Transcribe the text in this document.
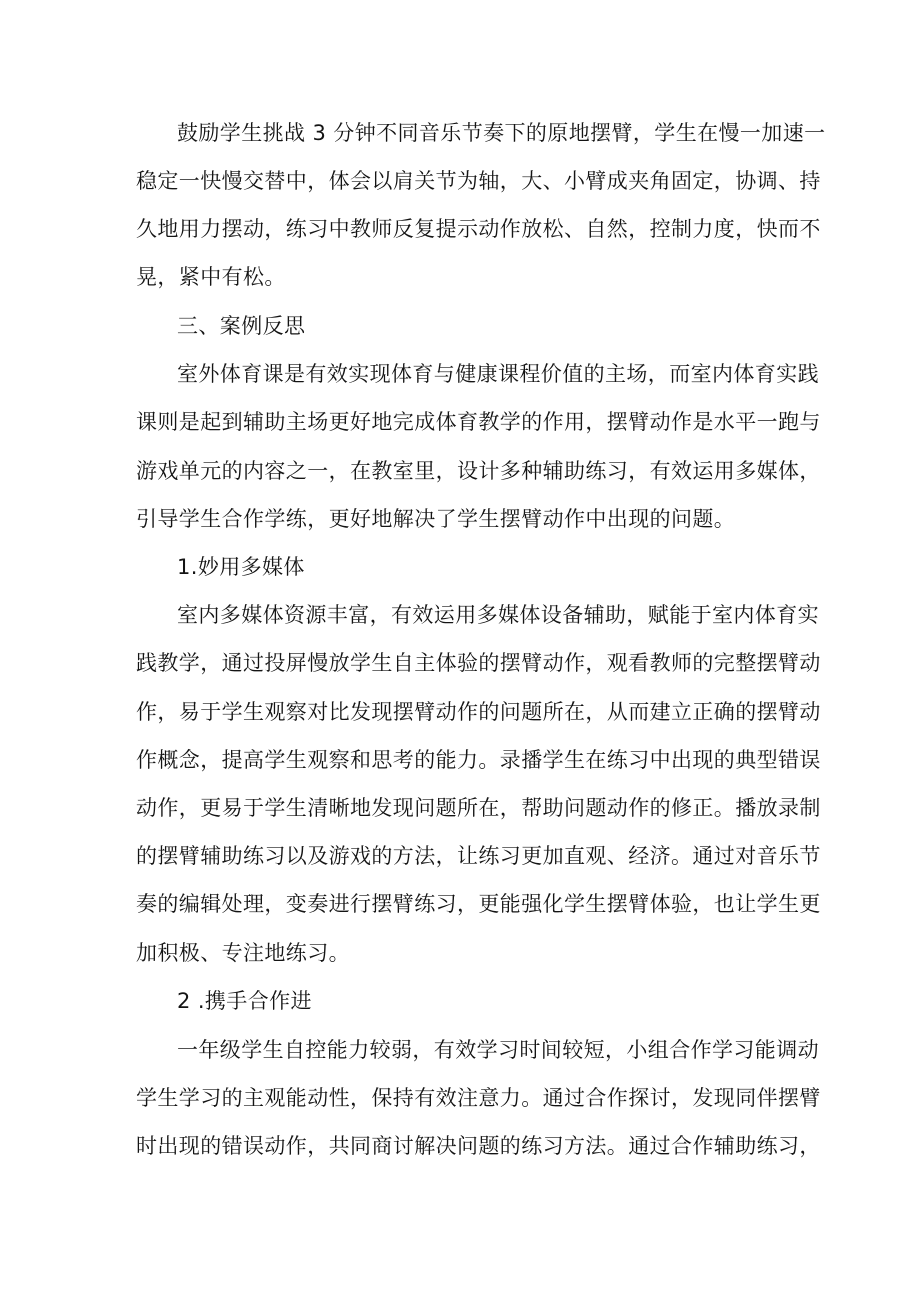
鼓励学生挑战 3 分钟不同音乐节奏下的原地摆臂，学生在慢一加速一

稳定一快慢交替中，体会以肩关节为轴，大、小臂成夹角固定，协调、持

久地用力摆动，练习中教师反复提示动作放松、自然，控制力度，快而不

晃，紧中有松。

三、案例反思

室外体育课是有效实现体育与健康课程价值的主场，而室内体育实践

课则是起到辅助主场更好地完成体育教学的作用，摆臂动作是水平一跑与

游戏单元的内容之一，在教室里，设计多种辅助练习，有效运用多媒体，

引导学生合作学练，更好地解决了学生摆臂动作中出现的问题。

1.妙用多媒体

室内多媒体资源丰富，有效运用多媒体设备辅助，赋能于室内体育实

践教学，通过投屏慢放学生自主体验的摆臂动作，观看教师的完整摆臂动

作，易于学生观察对比发现摆臂动作的问题所在，从而建立正确的摆臂动

作概念，提高学生观察和思考的能力。录播学生在练习中出现的典型错误

动作，更易于学生清晰地发现问题所在，帮助问题动作的修正。播放录制

的摆臂辅助练习以及游戏的方法，让练习更加直观、经济。通过对音乐节

奏的编辑处理，变奏进行摆臂练习，更能强化学生摆臂体验，也让学生更

加积极、专注地练习。

2 .携手合作进

一年级学生自控能力较弱，有效学习时间较短，小组合作学习能调动

学生学习的主观能动性，保持有效注意力。通过合作探讨，发现同伴摆臂

时出现的错误动作，共同商讨解决问题的练习方法。通过合作辅助练习，
